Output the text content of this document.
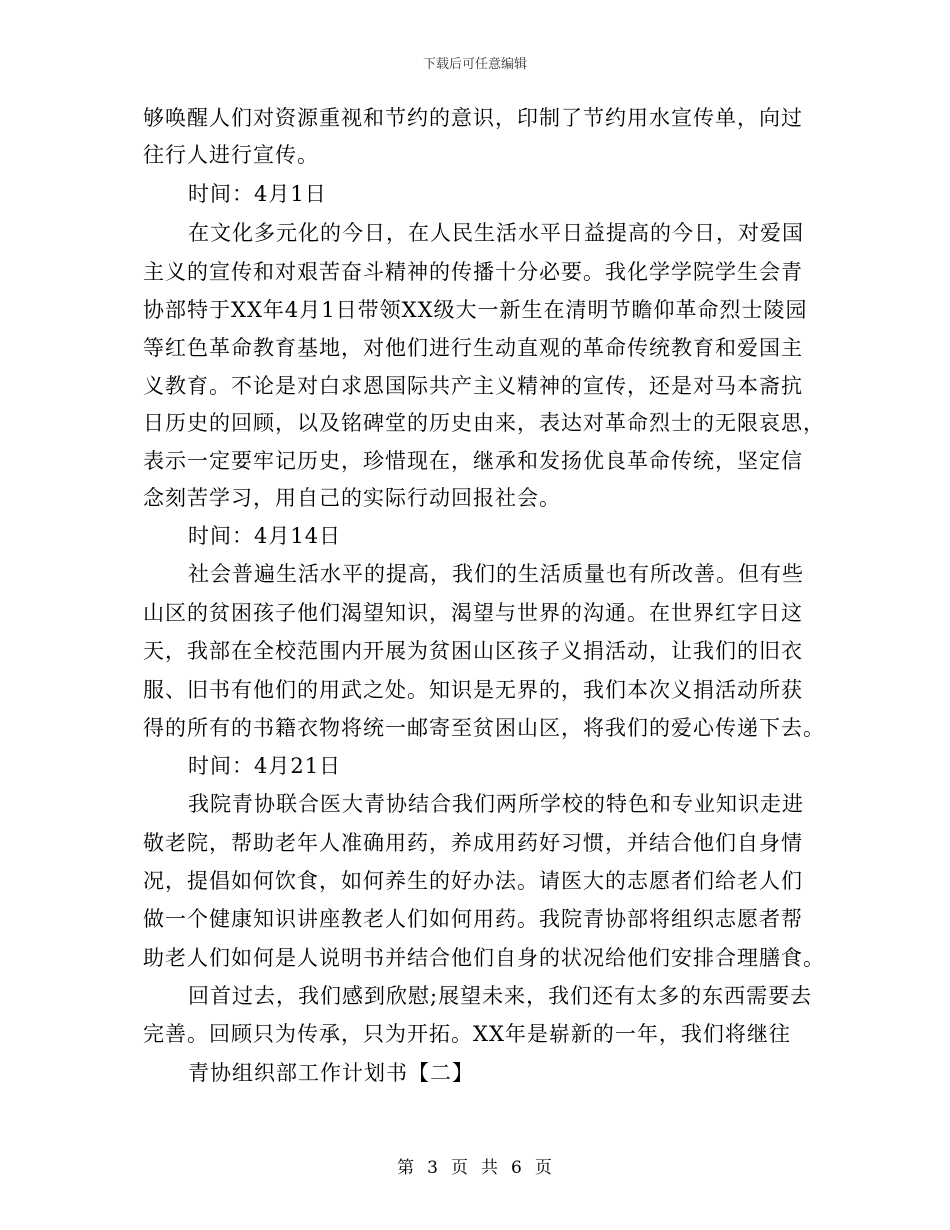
下载后可任意编辑
够唤醒人们对资源重视和节约的意识，印制了节约用水宣传单，向过
往行人进行宣传。
时间：4月1日
在文化多元化的今日，在人民生活水平日益提高的今日，对爱国
主义的宣传和对艰苦奋斗精神的传播十分必要。我化学学院学生会青
协部特于XX年4月1日带领XX级大一新生在清明节瞻仰革命烈士陵园
等红色革命教育基地，对他们进行生动直观的革命传统教育和爱国主
义教育。不论是对白求恩国际共产主义精神的宣传，还是对马本斋抗
日历史的回顾，以及铭碑堂的历史由来，表达对革命烈士的无限哀思，
表示一定要牢记历史，珍惜现在，继承和发扬优良革命传统，坚定信
念刻苦学习，用自己的实际行动回报社会。
时间：4月14日
社会普遍生活水平的提高，我们的生活质量也有所改善。但有些
山区的贫困孩子他们渴望知识，渴望与世界的沟通。在世界红字日这
天，我部在全校范围内开展为贫困山区孩子义捐活动，让我们的旧衣
服、旧书有他们的用武之处。知识是无界的，我们本次义捐活动所获
得的所有的书籍衣物将统一邮寄至贫困山区，将我们的爱心传递下去。
时间：4月21日
我院青协联合医大青协结合我们两所学校的特色和专业知识走进
敬老院，帮助老年人准确用药，养成用药好习惯，并结合他们自身情
况，提倡如何饮食，如何养生的好办法。请医大的志愿者们给老人们
做一个健康知识讲座教老人们如何用药。我院青协部将组织志愿者帮
助老人们如何是人说明书并结合他们自身的状况给他们安排合理膳食。
回首过去，我们感到欣慰;展望未来，我们还有太多的东西需要去
完善。回顾只为传承，只为开拓。XX年是崭新的一年，我们将继往
青协组织部工作计划书【二】
第 3 页 共 6 页
